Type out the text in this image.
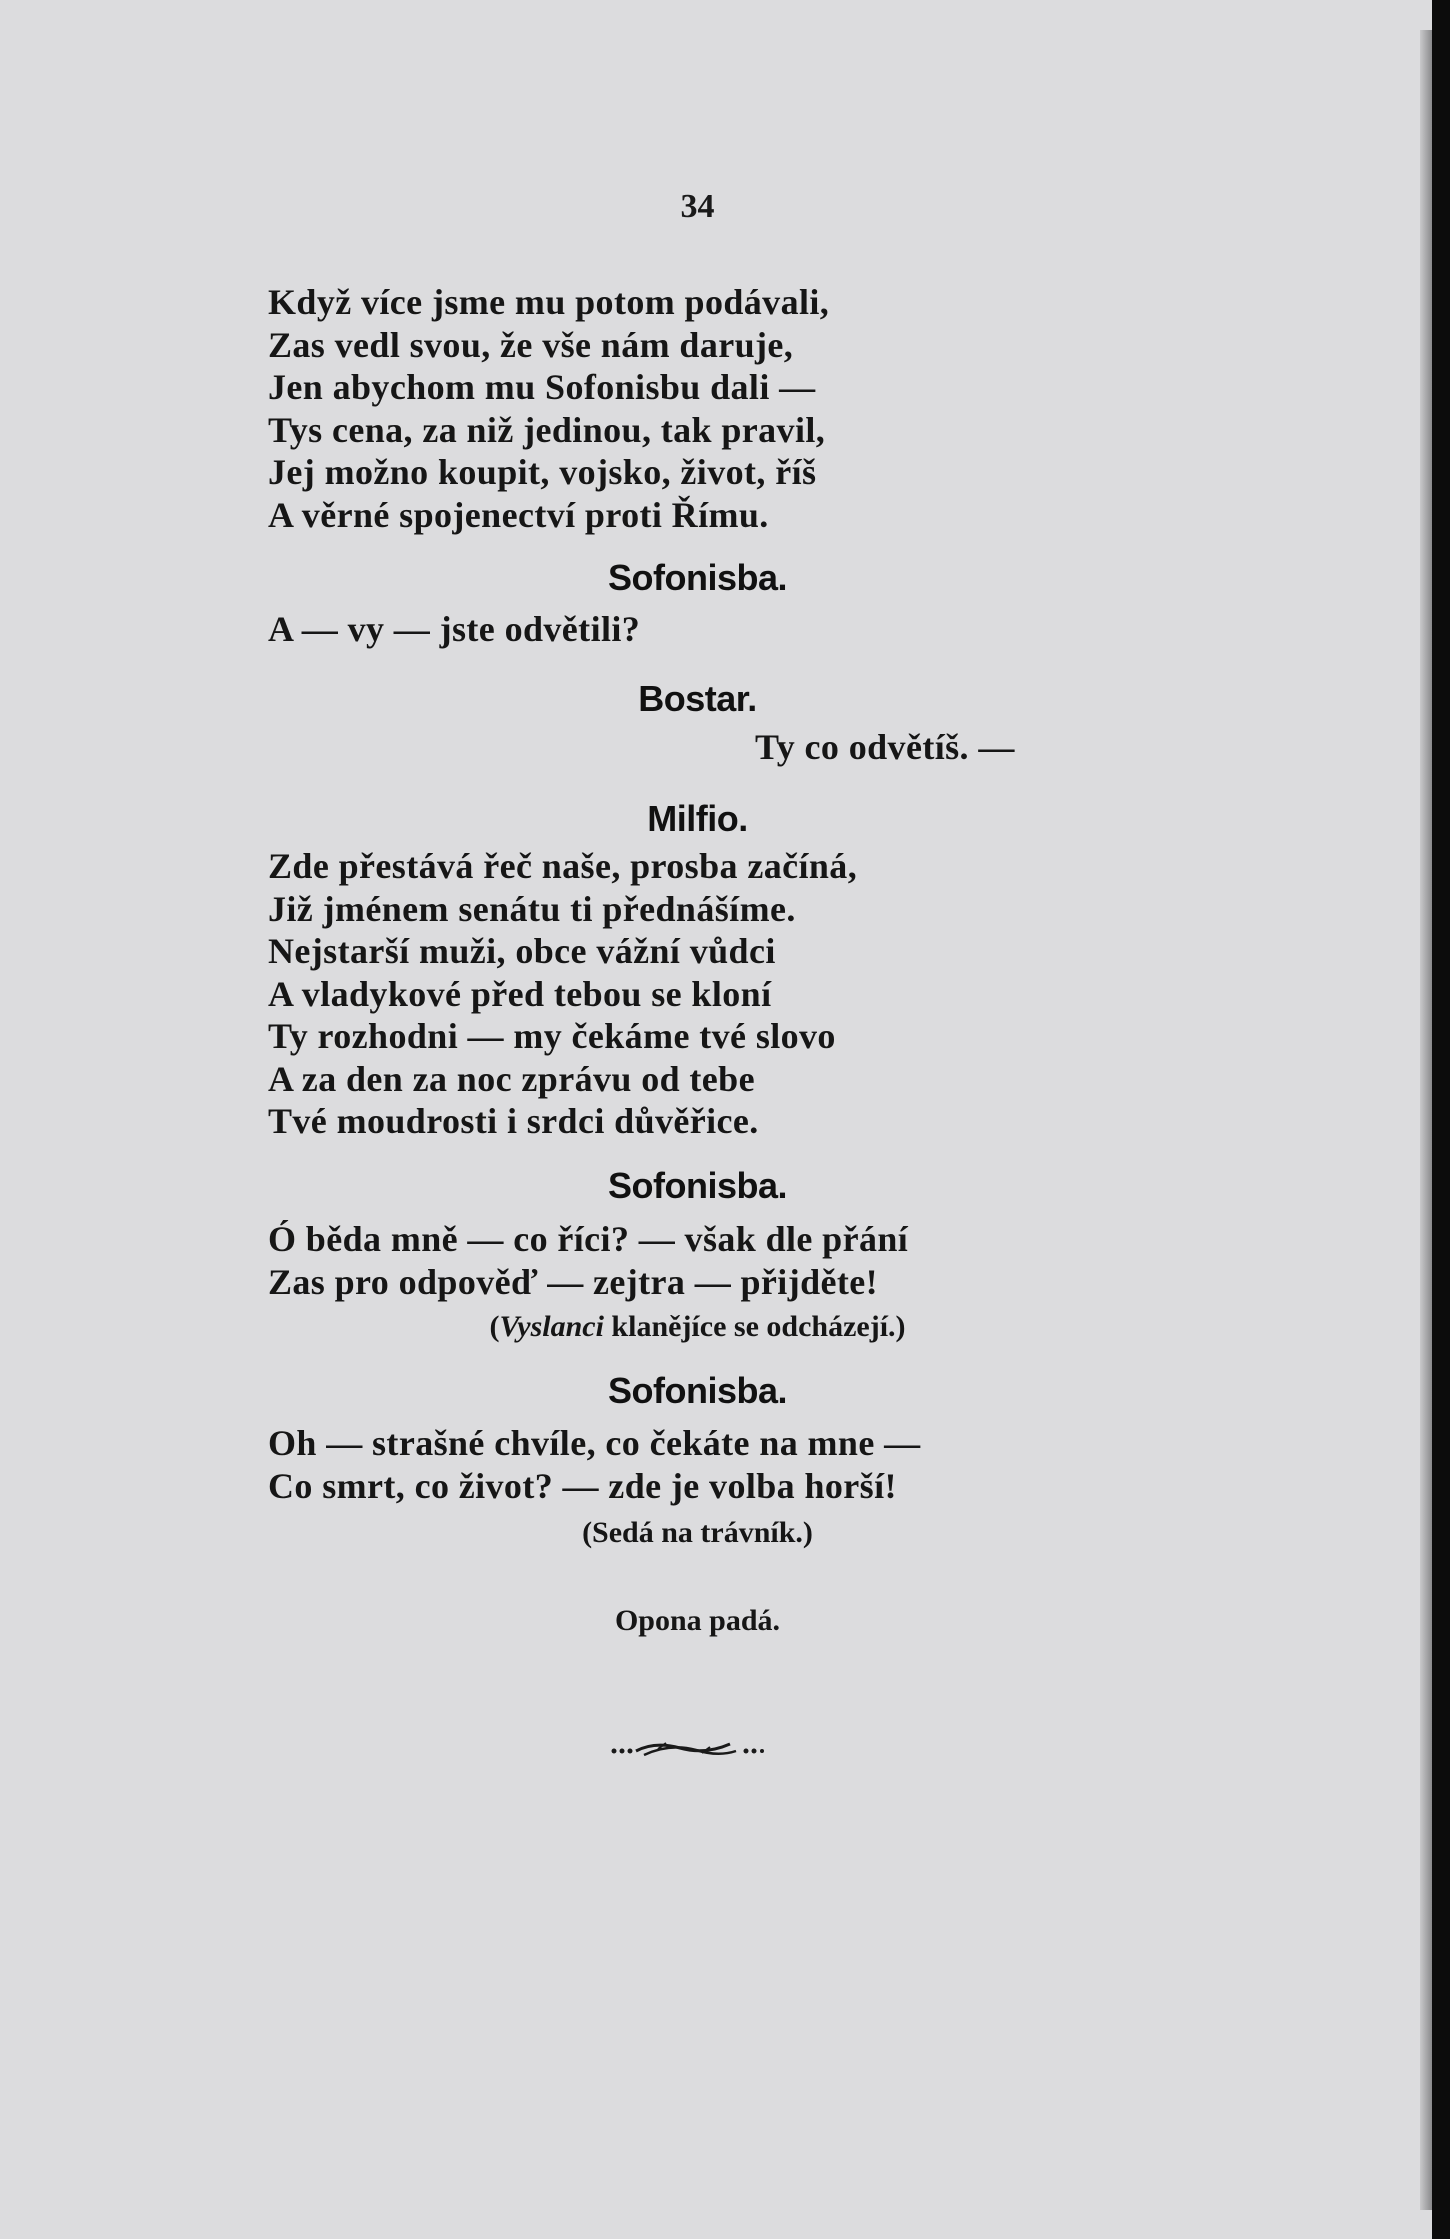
34
Když více jsme mu potom podávali,
Zas vedl svou, že vše nám daruje,
Jen abychom mu Sofonisbu dali —
Tys cena, za niž jedinou, tak pravil,
Jej možno koupit, vojsko, život, říš
A věrné spojenectví proti Římu.
Sofonisba.
A — vy — jste odvětili?
Bostar.
Ty co odvětíš. —
Milfio.
Zde přestává řeč naše, prosba začíná,
Již jménem senátu ti přednášíme.
Nejstarší muži, obce vážní vůdci
A vladykové před tebou se kloní
Ty rozhodni — my čekáme tvé slovo
A za den za noc zprávu od tebe
Tvé moudrosti i srdci důvěřice.
Sofonisba.
Ó běda mně — co říci? — však dle přání
Zas pro odpověď — zejtra — přijděte!
(Vyslanci klanějíce se odcházejí.)
Sofonisba.
Oh — strašné chvíle, co čekáte na mne —
Co smrt, co život? — zde je volba horší!
(Sedá na trávník.)
Opona padá.
